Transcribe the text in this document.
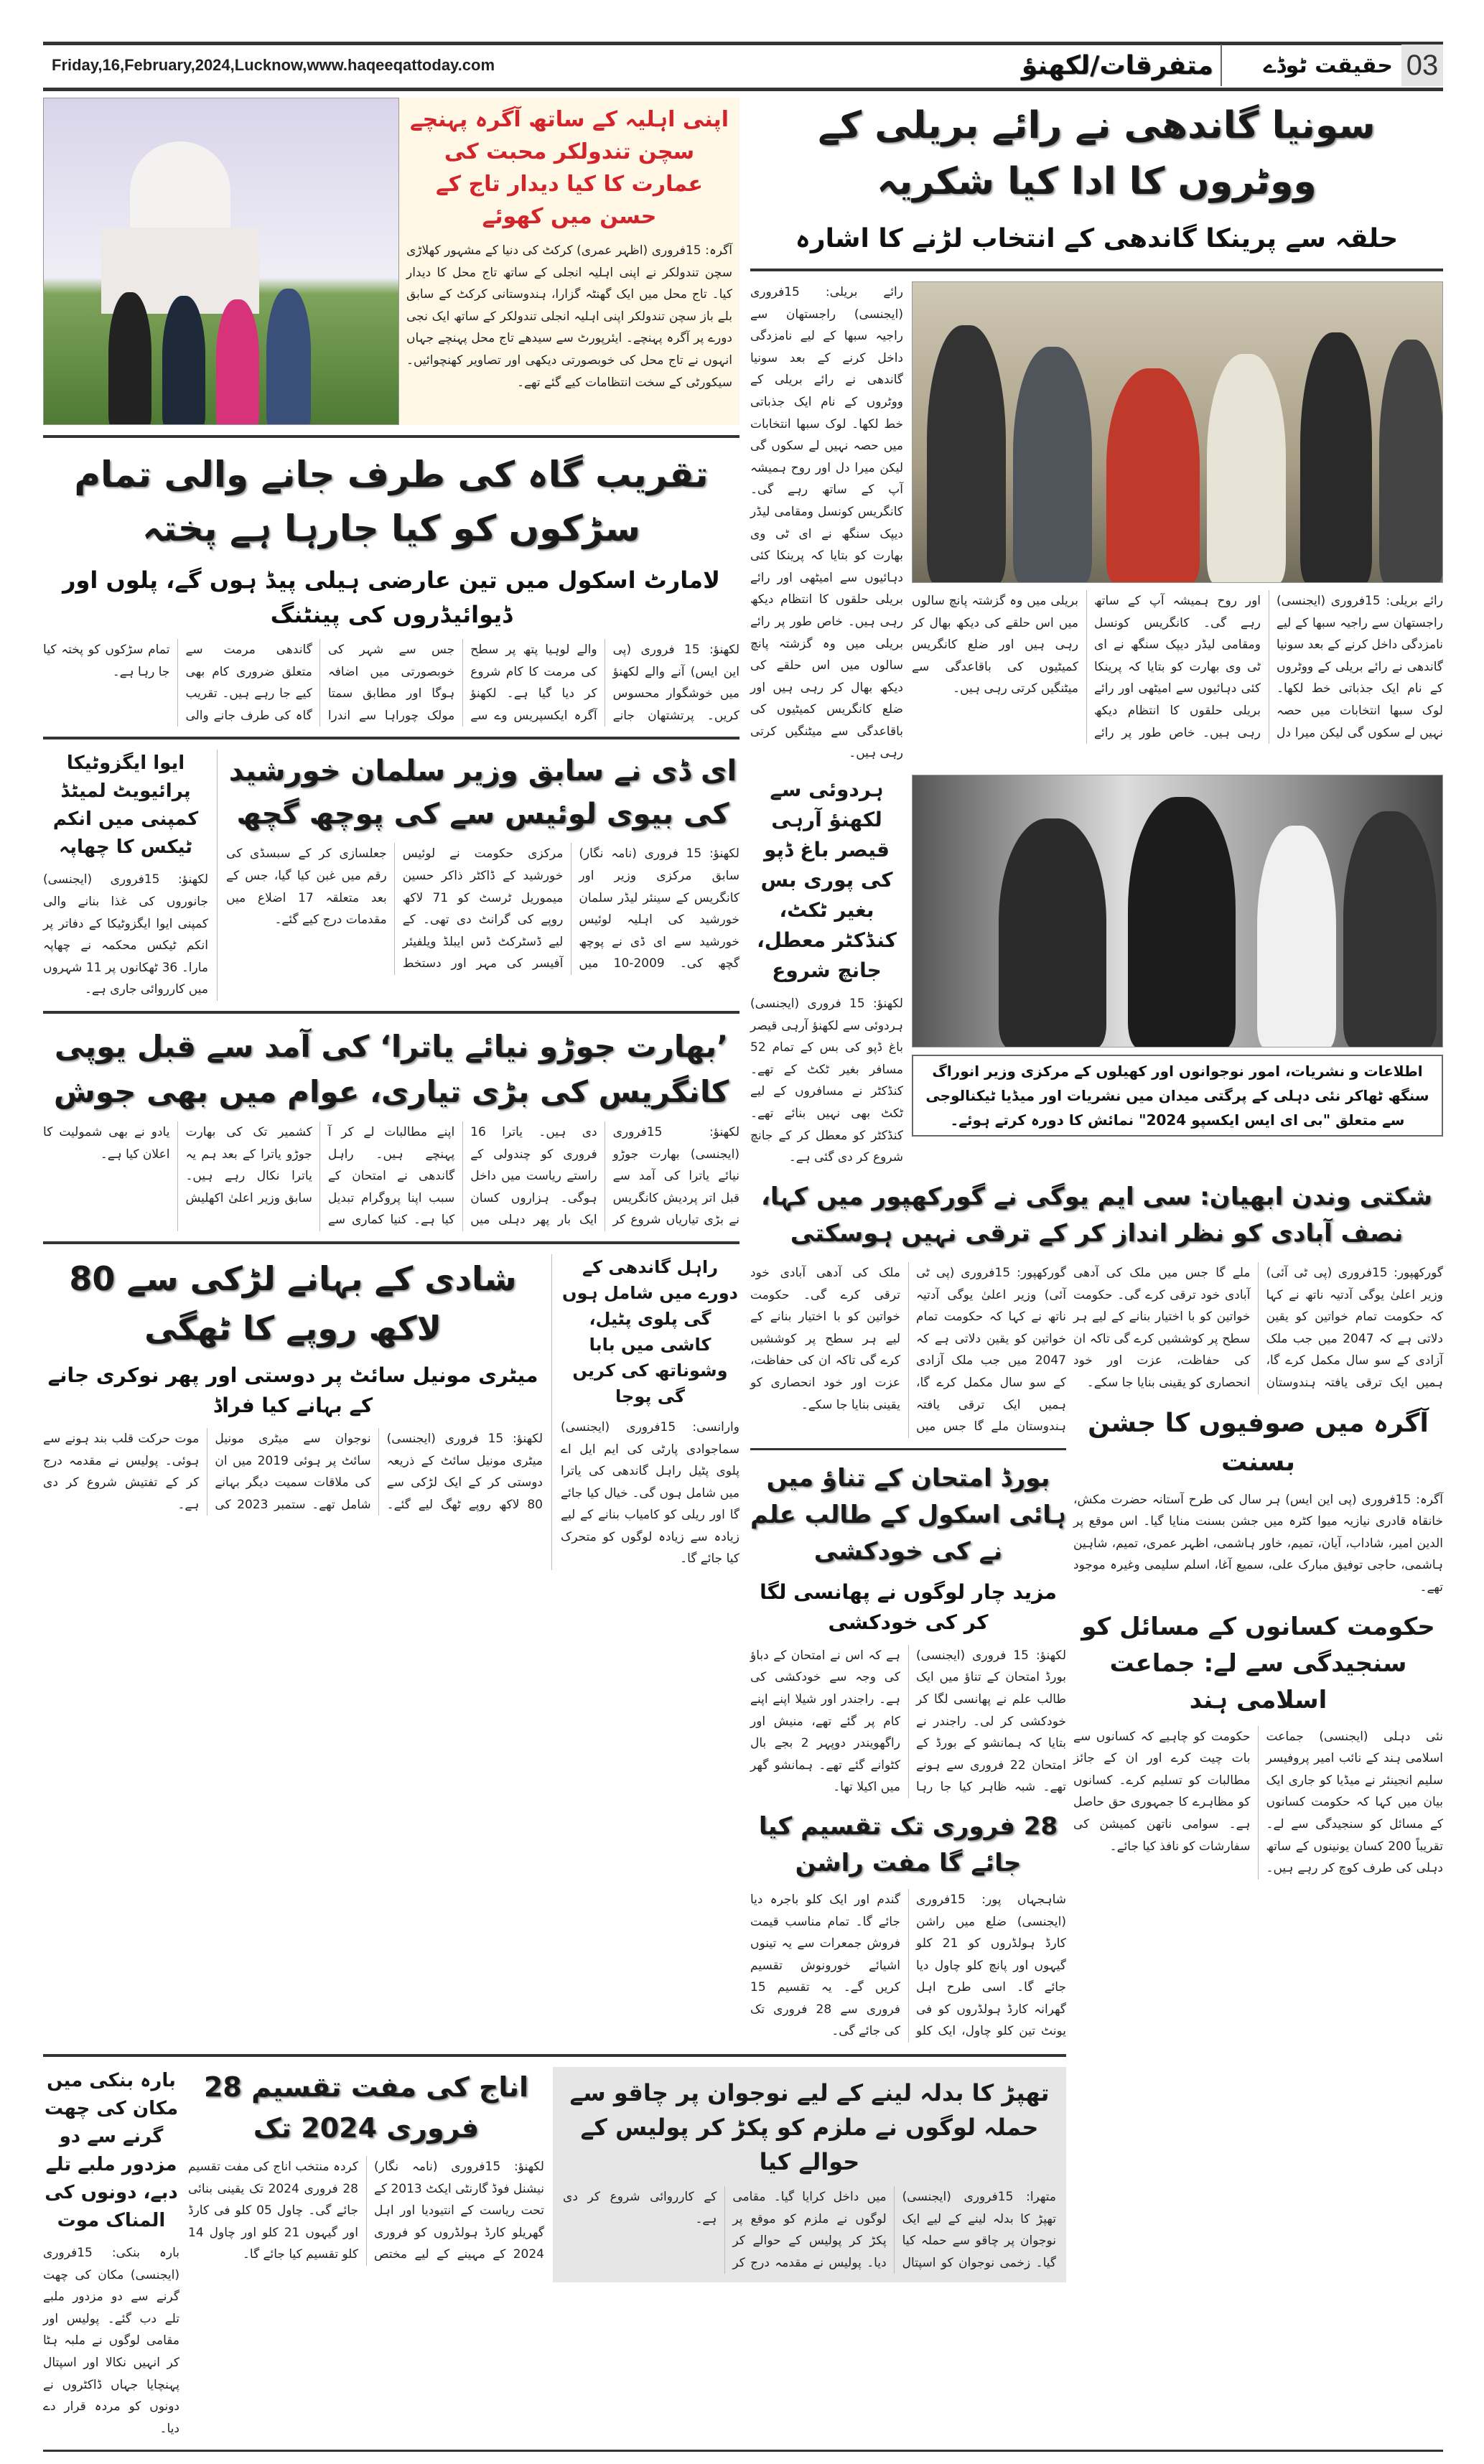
Friday,16,February,2024,Lucknow,www.haqeeqattoday.com	متفرقات/لکھنؤ	حقیقت ٹوڈے 03
اپنی اہلیہ کے ساتھ آگرہ پہنچے سچن تندولکر محبت کی عمارت کا کیا دیدار تاج کے حسن میں کھوئے
آگرہ: 15فروری (اظہر عمری) کرکٹ کی دنیا کے مشہور کھلاڑی سچن تندولکر نے اپنی اہلیہ انجلی کے ساتھ تاج محل کا دیدار کیا۔ تاج محل میں ایک گھنٹہ گزارا، ہندوستانی کرکٹ کے سابق بلے باز سچن تندولکر اپنی اہلیہ انجلی تندولکر کے ساتھ ایک نجی دورے پر آگرہ پہنچے۔ ایئرپورٹ سے سیدھے تاج محل پہنچے جہاں انہوں نے تاج محل کی خوبصورتی دیکھی اور تصاویر کھنچوائیں۔ سیکورٹی کے سخت انتظامات کیے گئے تھے۔
تقریب گاہ کی طرف جانے والی تمام سڑکوں کو کیا جارہا ہے پختہ
لامارٹ اسکول میں تین عارضی ہیلی پیڈ ہوں گے، پلوں اور ڈیوائیڈروں کی پینٹنگ
لکھنؤ: 15 فروری (پی این ایس) آنے والے لکھنؤ میں خوشگوار محسوس کریں۔ پرتشتھان جانے والے لوہیا پتھ پر سطح کی مرمت کا کام شروع کر دیا گیا ہے۔ لکھنؤ آگرہ ایکسپریس وے سے جس سے شہر کی خوبصورتی میں اضافہ ہوگا اور مطابق سمتا مولک چوراہا سے اندرا گاندھی مرمت سے متعلق ضروری کام بھی کیے جا رہے ہیں۔ تقریب گاہ کی طرف جانے والی تمام سڑکوں کو پختہ کیا جا رہا ہے۔
ایوا ایگزوٹیکا پرائیویٹ لمیٹڈ کمپنی میں انکم ٹیکس کا چھاپہ
لکھنؤ: 15فروری (ایجنسی) جانوروں کی غذا بنانے والی کمپنی ایوا ایگزوٹیکا کے دفاتر پر انکم ٹیکس محکمہ نے چھاپہ مارا۔ 36 ٹھکانوں پر 11 شہروں میں کارروائی جاری ہے۔
ای ڈی نے سابق وزیر سلمان خورشید کی بیوی لوئیس سے کی پوچھ گچھ
لکھنؤ: 15 فروری (نامہ نگار) سابق مرکزی وزیر اور کانگریس کے سینئر لیڈر سلمان خورشید کی اہلیہ لوئیس خورشید سے ای ڈی نے پوچھ گچھ کی۔ 2009-10 میں مرکزی حکومت نے لوئیس خورشید کے ڈاکٹر ذاکر حسین میموریل ٹرسٹ کو 71 لاکھ روپے کی گرانٹ دی تھی۔ کے لیے ڈسٹرکٹ ڈس ایبلڈ ویلفیئر آفیسر کی مہر اور دستخط جعلسازی کر کے سبسڈی کی رقم میں غبن کیا گیا، جس کے بعد متعلقہ 17 اضلاع میں مقدمات درج کیے گئے۔
’بھارت جوڑو نیائے یاترا‘ کی آمد سے قبل یوپی کانگریس کی بڑی تیاری، عوام میں بھی جوش
لکھنؤ: 15فروری (ایجنسی) بھارت جوڑو نیائے یاترا کی آمد سے قبل اتر پردیش کانگریس نے بڑی تیاریاں شروع کر دی ہیں۔ یاترا 16 فروری کو چندولی کے راستے ریاست میں داخل ہوگی۔ ہزاروں کسان ایک بار پھر دہلی میں اپنے مطالبات لے کر آ پہنچے ہیں۔ راہل گاندھی نے امتحان کے سبب اپنا پروگرام تبدیل کیا ہے۔ کنیا کماری سے کشمیر تک کی بھارت جوڑو یاترا کے بعد ہم یہ یاترا نکال رہے ہیں۔ سابق وزیر اعلیٰ اکھلیش یادو نے بھی شمولیت کا اعلان کیا ہے۔
شادی کے بہانے لڑکی سے 80 لاکھ روپے کا ٹھگی
میٹری مونیل سائٹ پر دوستی اور پھر نوکری جانے کے بہانے کیا فراڈ
لکھنؤ: 15 فروری (ایجنسی) میٹری مونیل سائٹ کے ذریعہ دوستی کر کے ایک لڑکی سے 80 لاکھ روپے ٹھگ لیے گئے۔ نوجوان سے میٹری مونیل سائٹ پر ہوئی 2019 میں ان کی ملاقات سمیت دیگر بہانے شامل تھے۔ ستمبر 2023 کی موت حرکت قلب بند ہونے سے ہوئی۔ پولیس نے مقدمہ درج کر کے تفتیش شروع کر دی ہے۔
راہل گاندھی کے دورے میں شامل ہوں گی پلوی پٹیل، کاشی میں بابا وشوناتھ کی کریں گی پوجا
وارانسی: 15فروری (ایجنسی) سماجوادی پارٹی کی ایم ایل اے پلوی پٹیل راہل گاندھی کی یاترا میں شامل ہوں گی۔ خیال کیا جائے گا اور ریلی کو کامیاب بنانے کے لیے زیادہ سے زیادہ لوگوں کو متحرک کیا جائے گا۔
سونیا گاندھی نے رائے بریلی کے ووٹروں کا ادا کیا شکریہ
حلقہ سے پرینکا گاندھی کے انتخاب لڑنے کا اشارہ
رائے بریلی: 15فروری (ایجنسی) راجستھان سے راجیہ سبھا کے لیے نامزدگی داخل کرنے کے بعد سونیا گاندھی نے رائے بریلی کے ووٹروں کے نام ایک جذباتی خط لکھا۔ لوک سبھا انتخابات میں حصہ نہیں لے سکوں گی لیکن میرا دل اور روح ہمیشہ آپ کے ساتھ رہے گی۔ کانگریس کونسل ومقامی لیڈر دیپک سنگھ نے ای ٹی وی بھارت کو بتایا کہ پرینکا کئی دہائیوں سے امیٹھی اور رائے بریلی حلقوں کا انتظام دیکھ رہی ہیں۔ خاص طور پر رائے بریلی میں وہ گزشتہ پانچ سالوں میں اس حلقے کی دیکھ بھال کر رہی ہیں اور ضلع کانگریس کمیٹیوں کی باقاعدگی سے میٹنگیں کرتی رہی ہیں۔
رائے بریلی: 15فروری (ایجنسی) راجستھان سے راجیہ سبھا کے لیے نامزدگی داخل کرنے کے بعد سونیا گاندھی نے رائے بریلی کے ووٹروں کے نام ایک جذباتی خط لکھا۔ لوک سبھا انتخابات میں حصہ نہیں لے سکوں گی لیکن میرا دل اور روح ہمیشہ آپ کے ساتھ رہے گی۔ کانگریس کونسل ومقامی لیڈر دیپک سنگھ نے ای ٹی وی بھارت کو بتایا کہ پرینکا کئی دہائیوں سے امیٹھی اور رائے بریلی حلقوں کا انتظام دیکھ رہی ہیں۔ خاص طور پر رائے بریلی میں وہ گزشتہ پانچ سالوں میں اس حلقے کی دیکھ بھال کر رہی ہیں اور ضلع کانگریس کمیٹیوں کی باقاعدگی سے میٹنگیں کرتی رہی ہیں۔
ہردوئی سے لکھنؤ آرہی قیصر باغ ڈپو کی پوری بس بغیر ٹکٹ، کنڈکٹر معطل، جانچ شروع
لکھنؤ: 15 فروری (ایجنسی) ہردوئی سے لکھنؤ آرہی قیصر باغ ڈپو کی بس کے تمام 52 مسافر بغیر ٹکٹ کے تھے۔ کنڈکٹر نے مسافروں کے لیے ٹکٹ بھی نہیں بنائے تھے۔ کنڈکٹر کو معطل کر کے جانچ شروع کر دی گئی ہے۔
اطلاعات و نشریات، امور نوجوانوں اور کھیلوں کے مرکزی وزیر انوراگ سنگھ ٹھاکر نئی دہلی کے پرگتی میدان میں نشریات اور میڈیا ٹیکنالوجی سے متعلق "بی ای ایس ایکسپو 2024" نمائش کا دورہ کرتے ہوئے۔
شکتی وندن ابھیان: سی ایم یوگی نے گورکھپور میں کہا، نصف آبادی کو نظر انداز کر کے ترقی نہیں ہوسکتی
گورکھپور: 15فروری (پی ٹی آئی) وزیر اعلیٰ یوگی آدتیہ ناتھ نے کہا کہ حکومت تمام خواتین کو یقین دلاتی ہے کہ 2047 میں جب ملک آزادی کے سو سال مکمل کرے گا، ہمیں ایک ترقی یافتہ ہندوستان ملے گا جس میں ملک کی آدھی آبادی خود ترقی کرے گی۔ حکومت خواتین کو با اختیار بنانے کے لیے ہر سطح پر کوششیں کرے گی تاکہ ان کی حفاظت، عزت اور خود انحصاری کو یقینی بنایا جا سکے۔
بورڈ امتحان کے تناؤ میں ہائی اسکول کے طالب علم نے کی خودکشی
مزید چار لوگوں نے پھانسی لگا کر کی خودکشی
لکھنؤ: 15 فروری (ایجنسی) بورڈ امتحان کے تناؤ میں ایک طالب علم نے پھانسی لگا کر خودکشی کر لی۔ راجندر نے بتایا کہ ہمانشو کے بورڈ کے امتحان 22 فروری سے ہونے تھے۔ شبہ ظاہر کیا جا رہا ہے کہ اس نے امتحان کے دباؤ کی وجہ سے خودکشی کی ہے۔ راجندر اور شیلا اپنے اپنے کام پر گئے تھے، منیش اور راگھویندر دوپہر 2 بجے بال کٹوانے گئے تھے۔ ہمانشو گھر میں اکیلا تھا۔
28 فروری تک تقسیم کیا جائے گا مفت راشن
شاہجہاں پور: 15فروری (ایجنسی) ضلع میں راشن کارڈ ہولڈروں کو 21 کلو گیہوں اور پانچ کلو چاول دیا جائے گا۔ اسی طرح اہل گھرانہ کارڈ ہولڈروں کو فی یونٹ تین کلو چاول، ایک کلو گندم اور ایک کلو باجرہ دیا جائے گا۔ تمام مناسب قیمت فروش جمعرات سے یہ تینوں اشیائے خورونوش تقسیم کریں گے۔ یہ تقسیم 15 فروری سے 28 فروری تک کی جائے گی۔
گورکھپور: 15فروری (پی ٹی آئی) وزیر اعلیٰ یوگی آدتیہ ناتھ نے کہا کہ حکومت تمام خواتین کو یقین دلاتی ہے کہ 2047 میں جب ملک آزادی کے سو سال مکمل کرے گا، ہمیں ایک ترقی یافتہ ہندوستان ملے گا جس میں ملک کی آدھی آبادی خود ترقی کرے گی۔ حکومت خواتین کو با اختیار بنانے کے لیے ہر سطح پر کوششیں کرے گی تاکہ ان کی حفاظت، عزت اور خود انحصاری کو یقینی بنایا جا سکے۔
آگرہ میں صوفیوں کا جشن بسنت
آگرہ: 15فروری (پی این ایس) ہر سال کی طرح آستانہ حضرت مکش، خانقاہ قادری نیازیہ میوا کٹرہ میں جشن بسنت منایا گیا۔ اس موقع پر الدین امیر، شاداب، آیان، تمیم، خاور ہاشمی، اظہر عمری، تمیم، شاہین ہاشمی، حاجی توفیق مبارک علی، سمیع آغا، اسلم سلیمی وغیرہ موجود تھے۔
حکومت کسانوں کے مسائل کو سنجیدگی سے لے: جماعت اسلامی ہند
نئی دہلی (ایجنسی) جماعت اسلامی ہند کے نائب امیر پروفیسر سلیم انجینئر نے میڈیا کو جاری ایک بیان میں کہا کہ حکومت کسانوں کے مسائل کو سنجیدگی سے لے۔ تقریباً 200 کسان یونینوں کے ساتھ دہلی کی طرف کوچ کر رہے ہیں۔ حکومت کو چاہیے کہ کسانوں سے بات چیت کرے اور ان کے جائز مطالبات کو تسلیم کرے۔ کسانوں کو مظاہرے کا جمہوری حق حاصل ہے۔ سوامی ناتھن کمیشن کی سفارشات کو نافذ کیا جائے۔
بارہ بنکی میں مکان کی چھت گرنے سے دو مزدور ملبے تلے دبے، دونوں کی المناک موت
بارہ بنکی: 15فروری (ایجنسی) مکان کی چھت گرنے سے دو مزدور ملبے تلے دب گئے۔ پولیس اور مقامی لوگوں نے ملبہ ہٹا کر انہیں نکالا اور اسپتال پہنچایا جہاں ڈاکٹروں نے دونوں کو مردہ قرار دے دیا۔
اناج کی مفت تقسیم 28 فروری 2024 تک
لکھنؤ: 15فروری (نامہ نگار) نیشنل فوڈ گارنٹی ایکٹ 2013 کے تحت ریاست کے انتیودیا اور اہل گھریلو کارڈ ہولڈروں کو فروری 2024 کے مہینے کے لیے مختص کردہ منتخب اناج کی مفت تقسیم 28 فروری 2024 تک یقینی بنائی جائے گی۔ چاول 05 کلو فی کارڈ اور گیہوں 21 کلو اور چاول 14 کلو تقسیم کیا جائے گا۔
تھپڑ کا بدلہ لینے کے لیے نوجوان پر چاقو سے حملہ لوگوں نے ملزم کو پکڑ کر پولیس کے حوالے کیا
متھرا: 15فروری (ایجنسی) تھپڑ کا بدلہ لینے کے لیے ایک نوجوان پر چاقو سے حملہ کیا گیا۔ زخمی نوجوان کو اسپتال میں داخل کرایا گیا۔ مقامی لوگوں نے ملزم کو موقع پر پکڑ کر پولیس کے حوالے کر دیا۔ پولیس نے مقدمہ درج کر کے کارروائی شروع کر دی ہے۔
